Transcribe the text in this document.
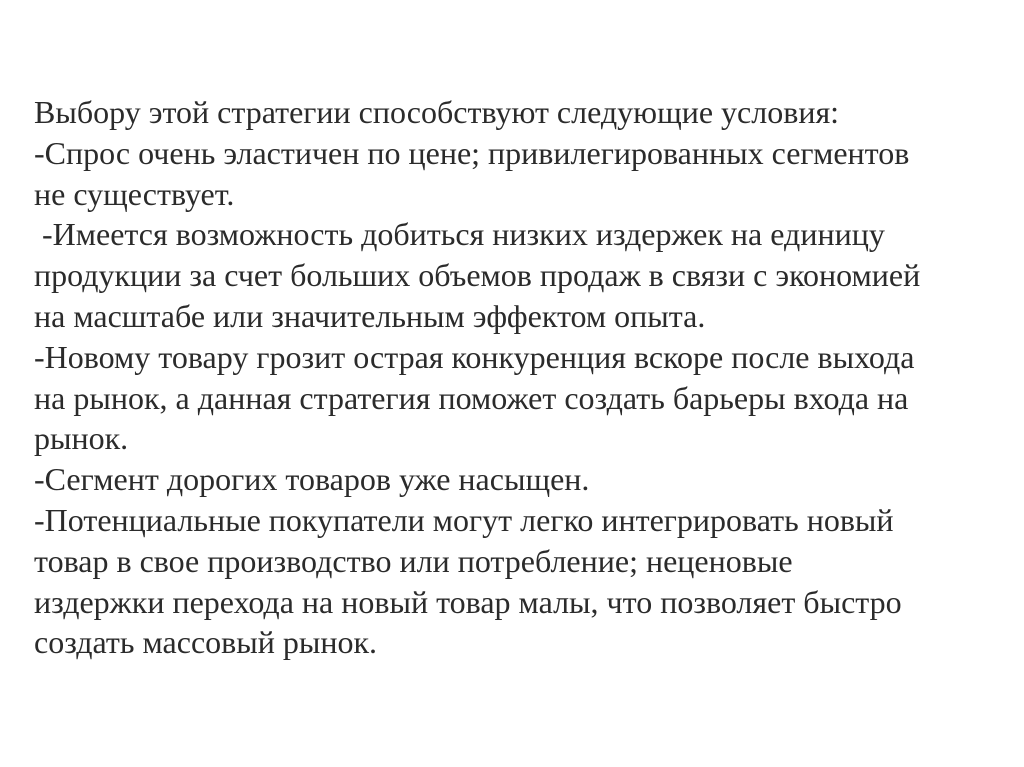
Выбору этой стратегии способствуют следующие условия:
-Спрос очень эластичен по цене; привилегированных сегментов
не существует.
-Имеется возможность добиться низких издержек на единицу
продукции за счет больших объемов продаж в связи с экономией
на масштабе или значительным эффектом опыта.
-Новому товару грозит острая конкуренция вскоре после выхода
на рынок, а данная стратегия поможет создать барьеры входа на
рынок.
-Сегмент дорогих товаров уже насыщен.
-Потенциальные покупатели могут легко интегрировать новый
товар в свое производство или потребление; неценовые
издержки перехода на новый товар малы, что позволяет быстро
создать массовый рынок.
